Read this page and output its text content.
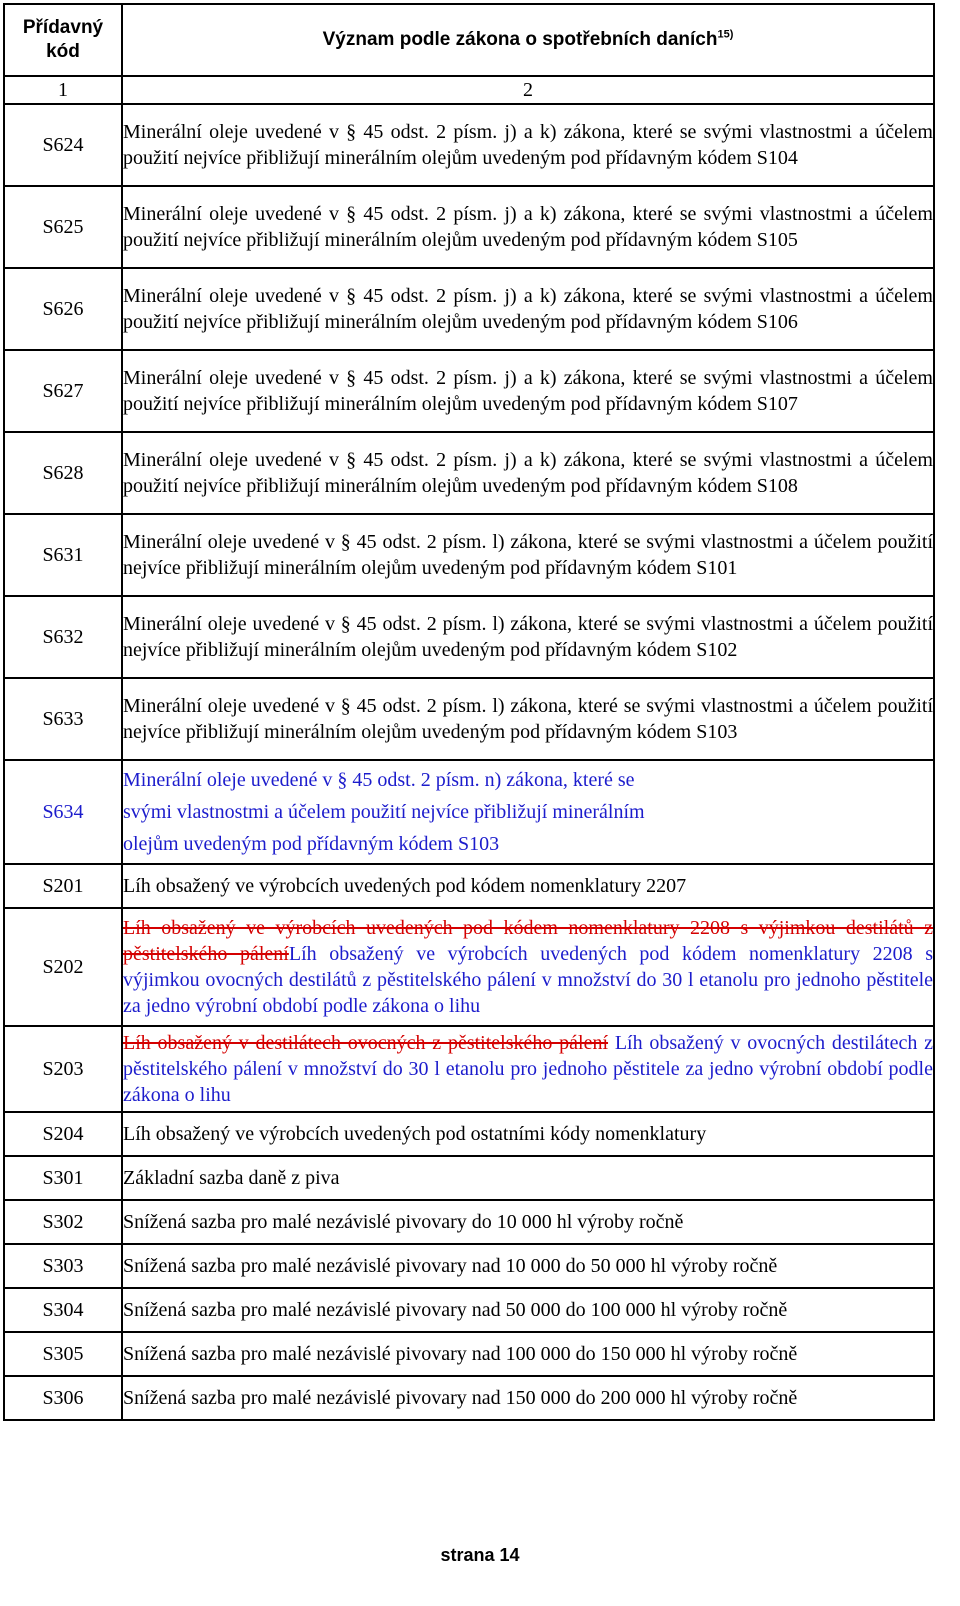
Přídavný
kód	Význam podle zákona o spotřebních daních$^{15)}$
1	2
S624	Minerální oleje uvedené v § 45 odst. 2 písm. j) a k) zákona, které se svými vlastnostmi a účelem použití nejvíce přibližují minerálním olejům uvedeným pod přídavným kódem S104
S625	Minerální oleje uvedené v § 45 odst. 2 písm. j) a k) zákona, které se svými vlastnostmi a účelem použití nejvíce přibližují minerálním olejům uvedeným pod přídavným kódem S105
S626	Minerální oleje uvedené v § 45 odst. 2 písm. j) a k) zákona, které se svými vlastnostmi a účelem použití nejvíce přibližují minerálním olejům uvedeným pod přídavným kódem S106
S627	Minerální oleje uvedené v § 45 odst. 2 písm. j) a k) zákona, které se svými vlastnostmi a účelem použití nejvíce přibližují minerálním olejům uvedeným pod přídavným kódem S107
S628	Minerální oleje uvedené v § 45 odst. 2 písm. j) a k) zákona, které se svými vlastnostmi a účelem použití nejvíce přibližují minerálním olejům uvedeným pod přídavným kódem S108
S631	Minerální oleje uvedené v § 45 odst. 2 písm. l) zákona, které se svými vlastnostmi a účelem použití nejvíce přibližují minerálním olejům uvedeným pod přídavným kódem S101
S632	Minerální oleje uvedené v § 45 odst. 2 písm. l) zákona, které se svými vlastnostmi a účelem použití nejvíce přibližují minerálním olejům uvedeným pod přídavným kódem S102
S633	Minerální oleje uvedené v § 45 odst. 2 písm. l) zákona, které se svými vlastnostmi a účelem použití nejvíce přibližují minerálním olejům uvedeným pod přídavným kódem S103
S634	Minerální oleje uvedené v § 45 odst. 2 písm. n) zákona, které se
svými vlastnostmi a účelem použití nejvíce přibližují minerálním
olejům uvedeným pod přídavným kódem S103

S201	Líh obsažený ve výrobcích uvedených pod kódem nomenklatury 2207
S202	Líh obsažený ve výrobcích uvedených pod kódem nomenklatury 2208 s výjimkou destilátů z pěstitelského páleníLíh obsažený ve výrobcích uvedených pod kódem nomenklatury 2208 s výjimkou ovocných destilátů z pěstitelského pálení v množství do 30 l etanolu pro jednoho pěstitele za jedno výrobní období podle zákona o lihu
S203	Líh obsažený v destilátech ovocných z pěstitelského pálení Líh obsažený v ovocných destilátech z pěstitelského pálení v množství do 30 l etanolu pro jednoho pěstitele za jedno výrobní období podle zákona o lihu
S204	Líh obsažený ve výrobcích uvedených pod ostatními kódy nomenklatury
S301	Základní sazba daně z piva
S302	Snížená sazba pro malé nezávislé pivovary do 10 000 hl výroby ročně
S303	Snížená sazba pro malé nezávislé pivovary nad 10 000 do 50 000 hl výroby ročně
S304	Snížená sazba pro malé nezávislé pivovary nad 50 000 do 100 000 hl výroby ročně
S305	Snížená sazba pro malé nezávislé pivovary nad 100 000 do 150 000 hl výroby ročně
S306	Snížená sazba pro malé nezávislé pivovary nad 150 000 do 200 000 hl výroby ročně
strana 14
